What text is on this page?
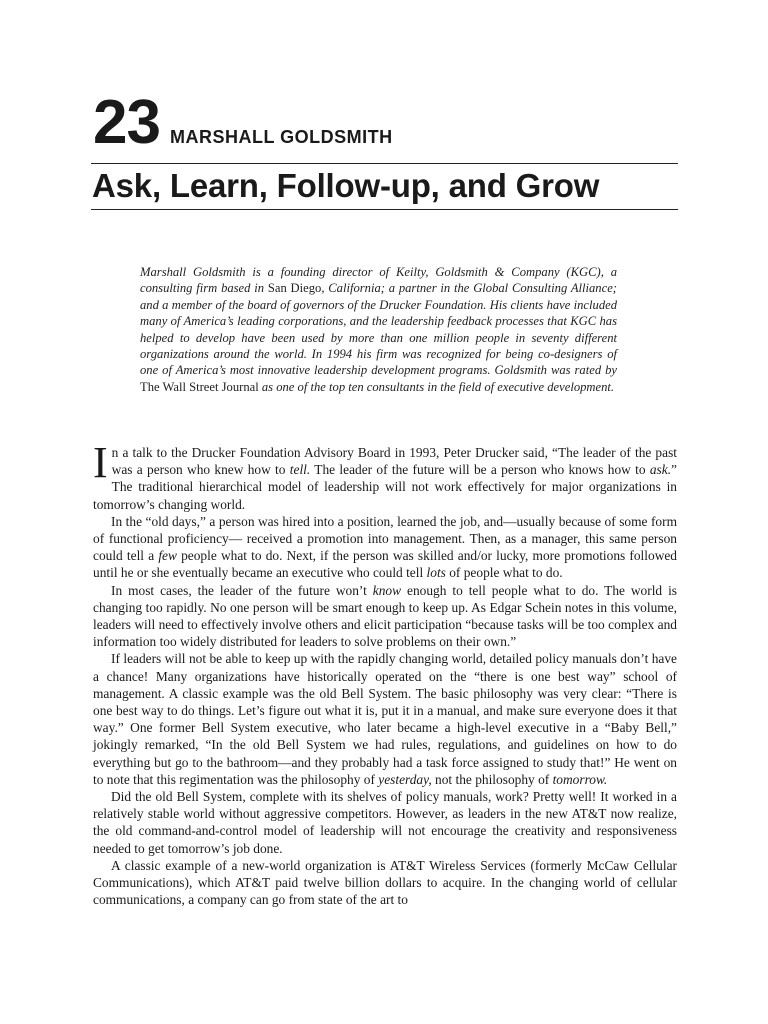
23 MARSHALL GOLDSMITH
Ask, Learn, Follow-up, and Grow
Marshall Goldsmith is a founding director of Keilty, Goldsmith & Company (KGC), a consulting firm based in San Diego, California; a partner in the Global Consulting Alliance; and a member of the board of governors of the Drucker Foundation. His clients have included many of America’s leading corporations, and the leadership feedback processes that KGC has helped to develop have been used by more than one million people in seventy different organizations around the world. In 1994 his firm was recognized for being co-designers of one of America’s most innovative leadership development programs. Goldsmith was rated by The Wall Street Journal as one of the top ten consultants in the field of executive development.

In a talk to the Drucker Foundation Advisory Board in 1993, Peter Drucker said, “The leader of the past was a person who knew how to tell. The leader of the future will be a person who knows how to ask.” The traditional hierarchical model of leadership will not work effectively for major organizations in tomorrow’s changing world.

In the “old days,” a person was hired into a position, learned the job, and—usually because of some form of functional proficiency— received a promotion into management. Then, as a manager, this same person could tell a few people what to do. Next, if the person was skilled and/or lucky, more promotions followed until he or she eventually became an executive who could tell lots of people what to do.

In most cases, the leader of the future won’t know enough to tell people what to do. The world is changing too rapidly. No one person will be smart enough to keep up. As Edgar Schein notes in this volume, leaders will need to effectively involve others and elicit participation “because tasks will be too complex and information too widely distributed for leaders to solve problems on their own.”

If leaders will not be able to keep up with the rapidly changing world, detailed policy manuals don’t have a chance! Many organizations have historically operated on the “there is one best way” school of management. A classic example was the old Bell System. The basic philosophy was very clear: “There is one best way to do things. Let’s figure out what it is, put it in a manual, and make sure everyone does it that way.” One former Bell System executive, who later became a high-level executive in a “Baby Bell,” jokingly remarked, “In the old Bell System we had rules, regulations, and guidelines on how to do everything but go to the bathroom—and they probably had a task force assigned to study that!” He went on to note that this regimentation was the philosophy of yesterday, not the philosophy of tomorrow.

Did the old Bell System, complete with its shelves of policy manuals, work? Pretty well! It worked in a relatively stable world without aggressive competitors. However, as leaders in the new AT&T now realize, the old command-and-control model of leadership will not encourage the creativity and responsiveness needed to get tomorrow’s job done.

A classic example of a new-world organization is AT&T Wireless Services (formerly McCaw Cellular Communications), which AT&T paid twelve billion dollars to acquire. In the changing world of cellular communications, a company can go from state of the art to
